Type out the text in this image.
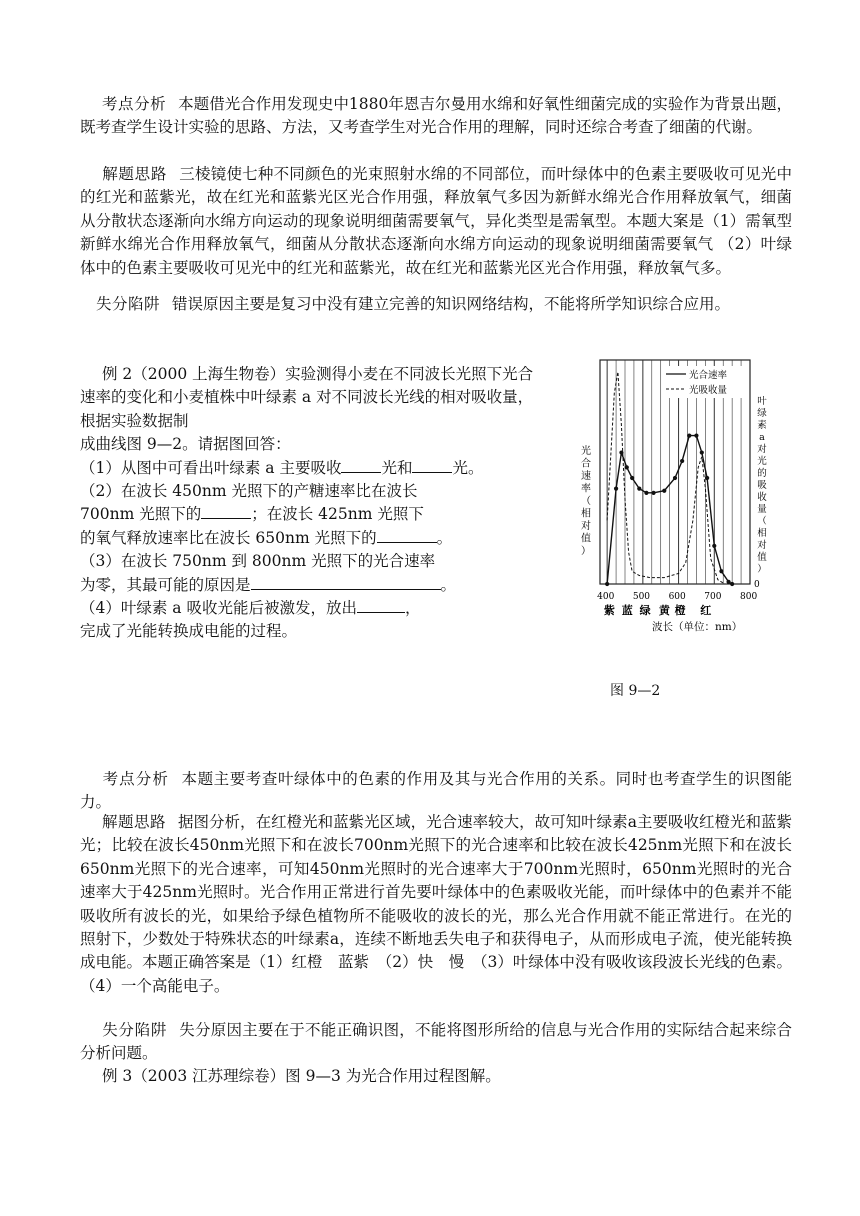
考点分析 本题借光合作用发现史中1880年恩吉尔曼用水绵和好氧性细菌完成的实验作为背景出题，既考查学生设计实验的思路、方法，又考查学生对光合作用的理解，同时还综合考查了细菌的代谢。

解题思路 三棱镜使七种不同颜色的光束照射水绵的不同部位，而叶绿体中的色素主要吸收可见光中的红光和蓝紫光，故在红光和蓝紫光区光合作用强，释放氧气多因为新鲜水绵光合作用释放氧气，细菌从分散状态逐渐向水绵方向运动的现象说明细菌需要氧气，异化类型是需氧型。本题大案是（1）需氧型 新鲜水绵光合作用释放氧气，细菌从分散状态逐渐向水绵方向运动的现象说明细菌需要氧气 （2）叶绿体中的色素主要吸收可见光中的红光和蓝紫光，故在红光和蓝紫光区光合作用强，释放氧气多。

失分陷阱 错误原因主要是复习中没有建立完善的知识网络结构，不能将所学知识综合应用。

例 2（2000 上海生物卷）实验测得小麦在不同波长光照下光合
速率的变化和小麦植株中叶绿素 a 对不同波长光线的相对吸收量，
根据实验数据制
成曲线图 9—2。请据图回答：
（1）从图中可看出叶绿素 a 主要吸收	光和	光。
（2）在波长 450nm 光照下的产糖速率比在波长
700nm 光照下的	；在波长 425nm 光照下
的氧气释放速率比在波长 650nm 光照下的	。
（3）在波长 750nm 到 800nm 光照下的光合速率
为零，其最可能的原因是	。
（4）叶绿素 a 吸收光能后被激发，放出	，
完成了光能转换成电能的过程。
光合速率
光吸收量
光
合
速
率
（
相
对
值
）
叶
绿
素
a
对
光
的
吸
收
量
（
相
对
值
）
400 500 600 700 800
0
紫 蓝 绿 黄 橙 红
波长（单位：nm）
图 9—2

考点分析 本题主要考查叶绿体中的色素的作用及其与光合作用的关系。同时也考查学生的识图能力。

解题思路 据图分析，在红橙光和蓝紫光区域，光合速率较大，故可知叶绿素a主要吸收红橙光和蓝紫光；比较在波长450nm光照下和在波长700nm光照下的光合速率和比较在波长425nm光照下和在波长650nm光照下的光合速率，可知450nm光照时的光合速率大于700nm光照时，650nm光照时的光合速率大于425nm光照时。光合作用正常进行首先要叶绿体中的色素吸收光能，而叶绿体中的色素并不能吸收所有波长的光，如果给予绿色植物所不能吸收的波长的光，那么光合作用就不能正常进行。在光的照射下，少数处于特殊状态的叶绿素a，连续不断地丢失电子和获得电子，从而形成电子流，使光能转换成电能。本题正确答案是（1）红橙　蓝紫　（2）快　慢　（3）叶绿体中没有吸收该段波长光线的色素。（4）一个高能电子。

失分陷阱 失分原因主要在于不能正确识图，不能将图形所给的信息与光合作用的实际结合起来综合分析问题。

例 3（2003 江苏理综卷）图 9—3 为光合作用过程图解。
